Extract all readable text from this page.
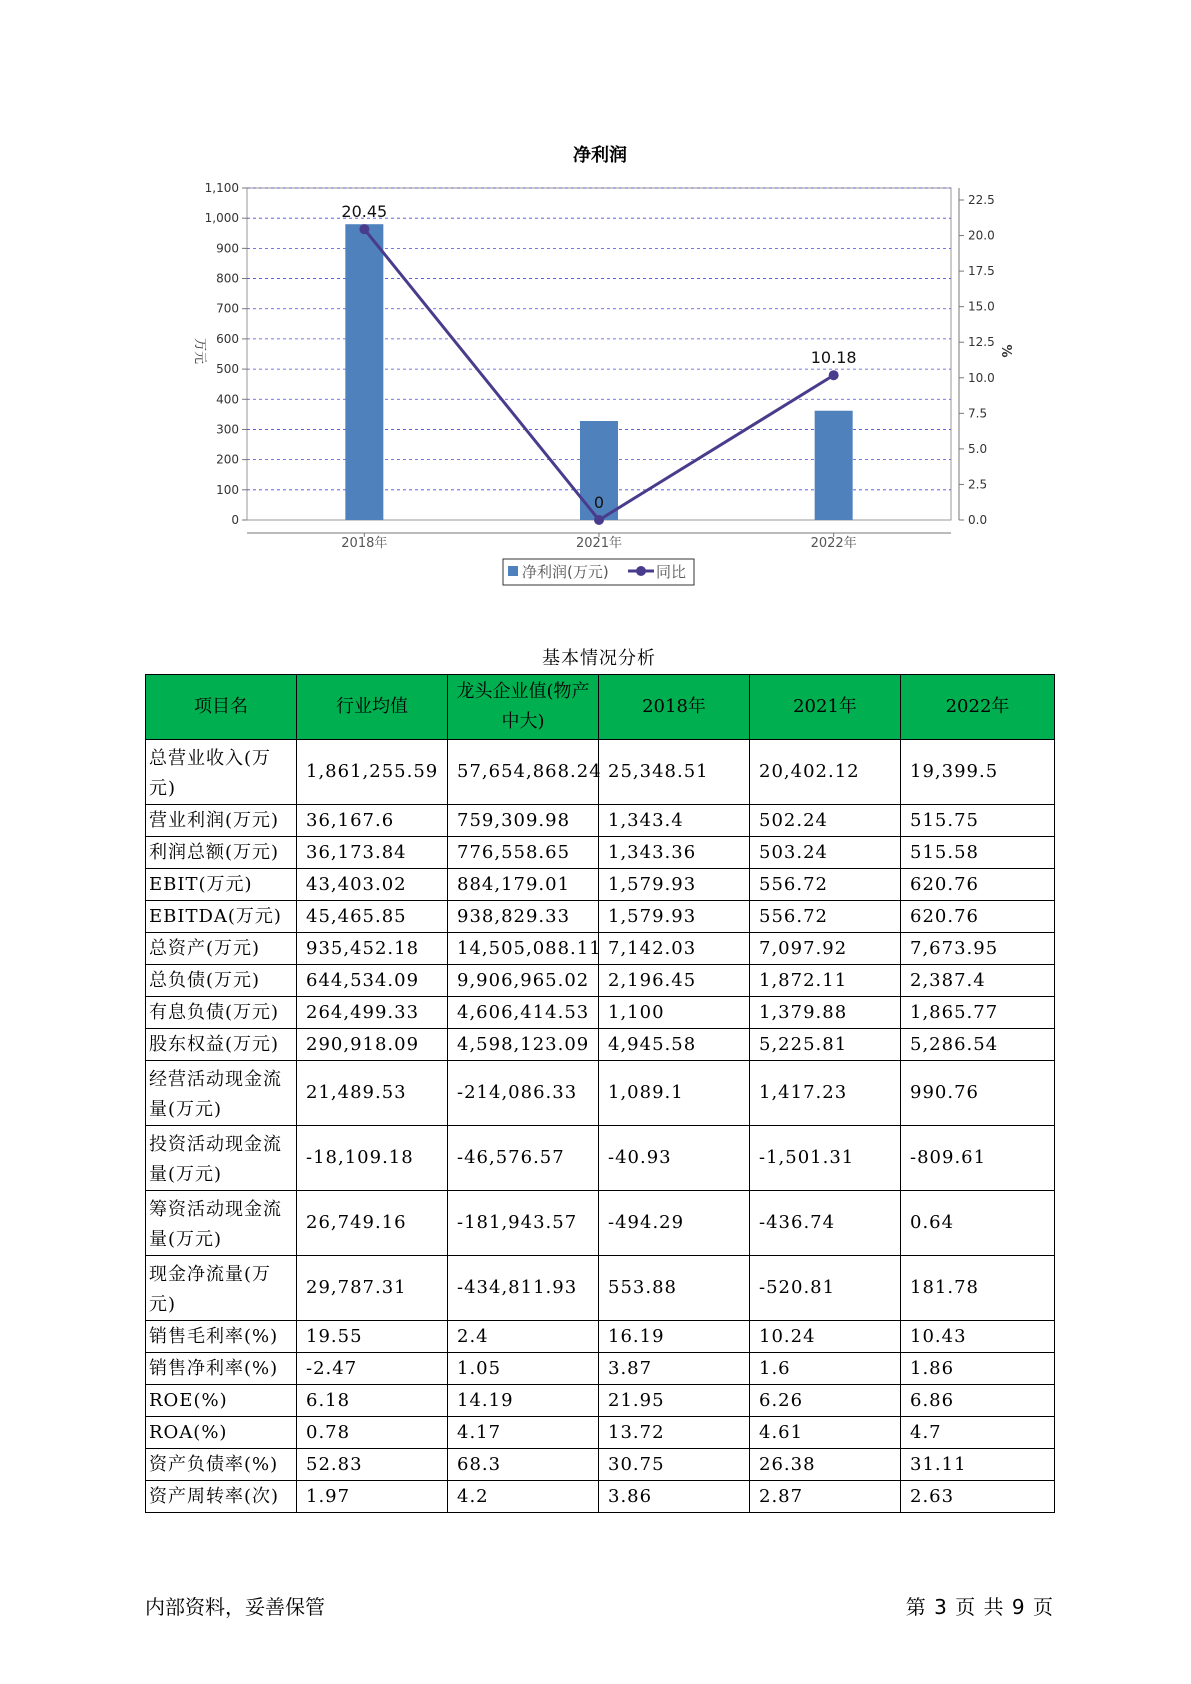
净利润
0
100
200
300
400
500
600
700
800
900
1,000
1,100
0.0
2.5
5.0
7.5
10.0
12.5
15.0
17.5
20.0
22.5
2018年	2021年	2022年
万元	%
20.45
0
10.18
净利润(万元)	同比
基本情况分析
项目名	行业均值	龙头企业值(物产中大)	2018年	2021年	2022年
总营业收入(万元)	1,861,255.59	57,654,868.24	25,348.51	20,402.12	19,399.5
营业利润(万元)	36,167.6	759,309.98	1,343.4	502.24	515.75
利润总额(万元)	36,173.84	776,558.65	1,343.36	503.24	515.58
EBIT(万元)	43,403.02	884,179.01	1,579.93	556.72	620.76
EBITDA(万元)	45,465.85	938,829.33	1,579.93	556.72	620.76
总资产(万元)	935,452.18	14,505,088.11	7,142.03	7,097.92	7,673.95
总负债(万元)	644,534.09	9,906,965.02	2,196.45	1,872.11	2,387.4
有息负债(万元)	264,499.33	4,606,414.53	1,100	1,379.88	1,865.77
股东权益(万元)	290,918.09	4,598,123.09	4,945.58	5,225.81	5,286.54
经营活动现金流量(万元)	21,489.53	-214,086.33	1,089.1	1,417.23	990.76
投资活动现金流量(万元)	-18,109.18	-46,576.57	-40.93	-1,501.31	-809.61
筹资活动现金流量(万元)	26,749.16	-181,943.57	-494.29	-436.74	0.64
现金净流量(万元)	29,787.31	-434,811.93	553.88	-520.81	181.78
销售毛利率(%)	19.55	2.4	16.19	10.24	10.43
销售净利率(%)	-2.47	1.05	3.87	1.6	1.86
ROE(%)	6.18	14.19	21.95	6.26	6.86
ROA(%)	0.78	4.17	13.72	4.61	4.7
资产负债率(%)	52.83	68.3	30.75	26.38	31.11
资产周转率(次)	1.97	4.2	3.86	2.87	2.63
内部资料，妥善保管	第 3 页 共 9 页
